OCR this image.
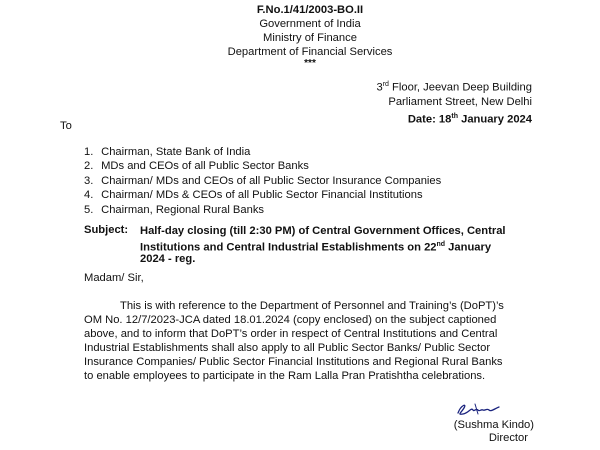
F.No.1/41/2003-BO.II
Government of India
Ministry of Finance
Department of Financial Services
***
3rd Floor, Jeevan Deep Building
Parliament Street, New Delhi
Date: 18th January 2024
To
1. Chairman, State Bank of India
2. MDs and CEOs of all Public Sector Banks
3. Chairman/ MDs and CEOs of all Public Sector Insurance Companies
4. Chairman/ MDs & CEOs of all Public Sector Financial Institutions
5. Chairman, Regional Rural Banks
Subject: Half-day closing (till 2:30 PM) of Central Government Offices, Central
Institutions and Central Industrial Establishments on 22nd January
2024 - reg.
Madam/ Sir,
This is with reference to the Department of Personnel and Training’s (DoPT)’s
OM No. 12/7/2023-JCA dated 18.01.2024 (copy enclosed) on the subject captioned
above, and to inform that DoPT’s order in respect of Central Institutions and Central
Industrial Establishments shall also apply to all Public Sector Banks/ Public Sector
Insurance Companies/ Public Sector Financial Institutions and Regional Rural Banks
to enable employees to participate in the Ram Lalla Pran Pratishtha celebrations.
(Sushma Kindo)
Director
